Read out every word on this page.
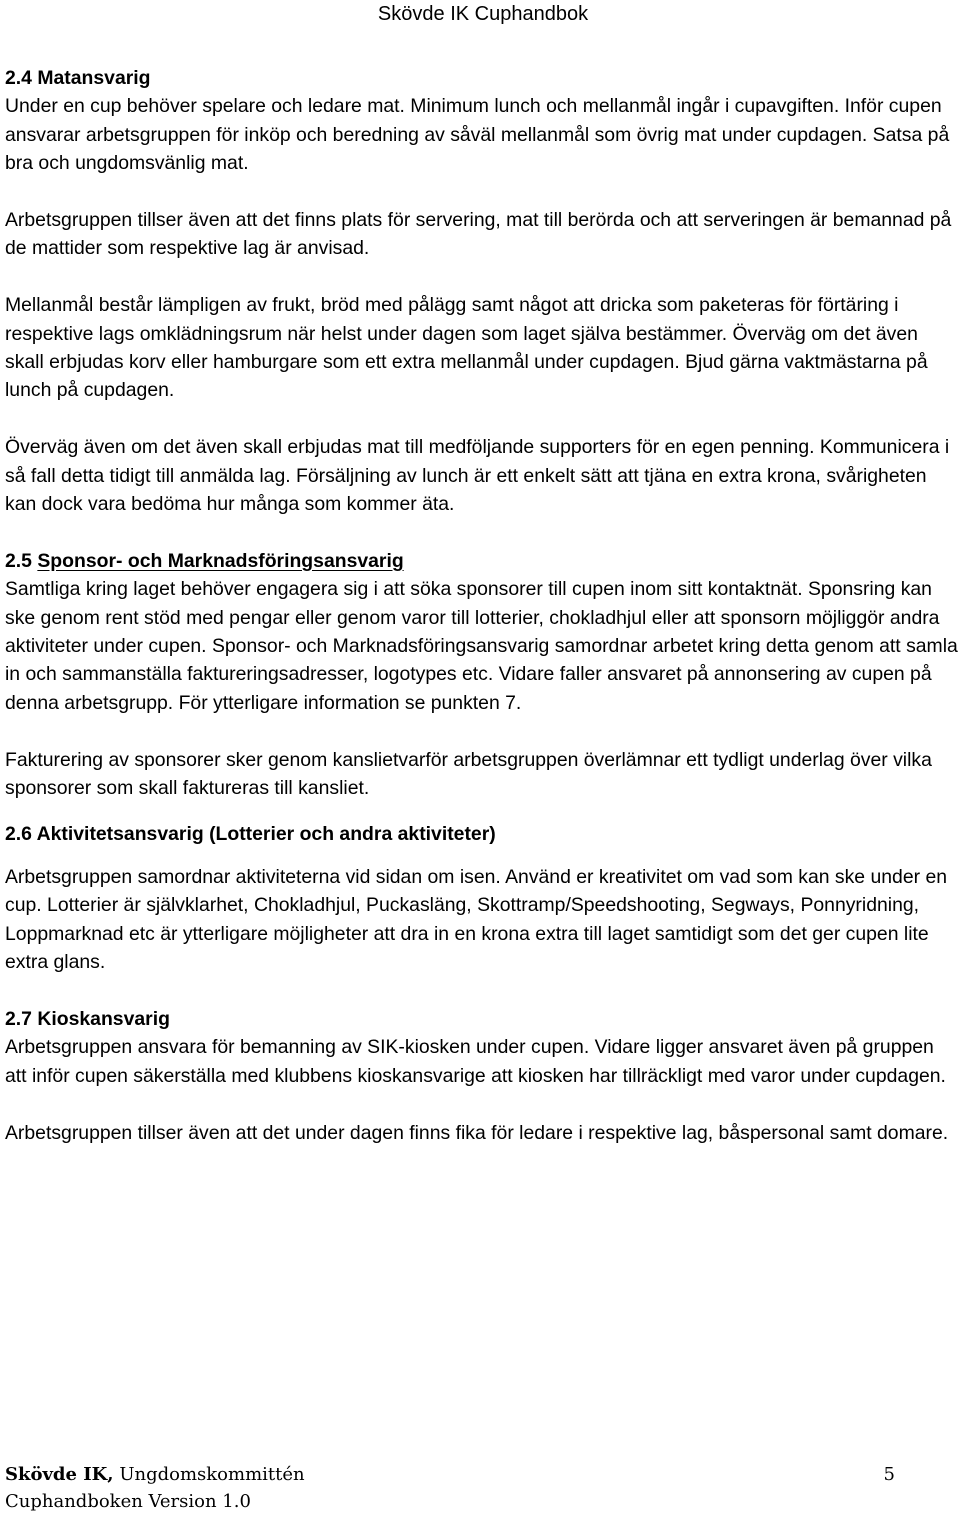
Skövde IK Cuphandbok

2.4 Matansvarig

Under en cup behöver spelare och ledare mat. Minimum lunch och mellanmål ingår i cupavgiften. Inför cupen ansvarar arbetsgruppen för inköp och beredning av såväl mellanmål som övrig mat under cupdagen. Satsa på bra och ungdomsvänlig mat.

Arbetsgruppen tillser även att det finns plats för servering, mat till berörda och att serveringen är bemannad på de mattider som respektive lag är anvisad.

Mellanmål består lämpligen av frukt, bröd med pålägg samt något att dricka som paketeras för förtäring i respektive lags omklädningsrum när helst under dagen som laget själva bestämmer. Överväg om det även skall erbjudas korv eller hamburgare som ett extra mellanmål under cupdagen. Bjud gärna vaktmästarna på lunch på cupdagen.

Överväg även om det även skall erbjudas mat till medföljande supporters för en egen penning. Kommunicera i så fall detta tidigt till anmälda lag. Försäljning av lunch är ett enkelt sätt att tjäna en extra krona, svårigheten kan dock vara bedöma hur många som kommer äta.

2.5 Sponsor- och Marknadsföringsansvarig

Samtliga kring laget behöver engagera sig i att söka sponsorer till cupen inom sitt kontaktnät. Sponsring kan ske genom rent stöd med pengar eller genom varor till lotterier, chokladhjul eller att sponsorn möjliggör andra aktiviteter under cupen. Sponsor- och Marknadsföringsansvarig samordnar arbetet kring detta genom att samla in och sammanställa faktureringsadresser, logotypes etc. Vidare faller ansvaret på annonsering av cupen på denna arbetsgrupp. För ytterligare information se punkten 7.

Fakturering av sponsorer sker genom kanslietvarför arbetsgruppen överlämnar ett tydligt underlag över vilka sponsorer som skall faktureras till kansliet.

2.6 Aktivitetsansvarig (Lotterier och andra aktiviteter)

Arbetsgruppen samordnar aktiviteterna vid sidan om isen. Använd er kreativitet om vad som kan ske under en cup. Lotterier är självklarhet, Chokladhjul, Puckasläng, Skottramp/Speedshooting, Segways, Ponnyridning, Loppmarknad etc är ytterligare möjligheter att dra in en krona extra till laget samtidigt som det ger cupen lite extra glans.

2.7 Kioskansvarig

Arbetsgruppen ansvara för bemanning av SIK-kiosken under cupen. Vidare ligger ansvaret även på gruppen att inför cupen säkerställa med klubbens kioskansvarige att kiosken har tillräckligt med varor under cupdagen.

Arbetsgruppen tillser även att det under dagen finns fika för ledare i respektive lag, båspersonal samt domare.

Skövde IK, Ungdomskommittén
Cuphandboken Version 1.0
5
